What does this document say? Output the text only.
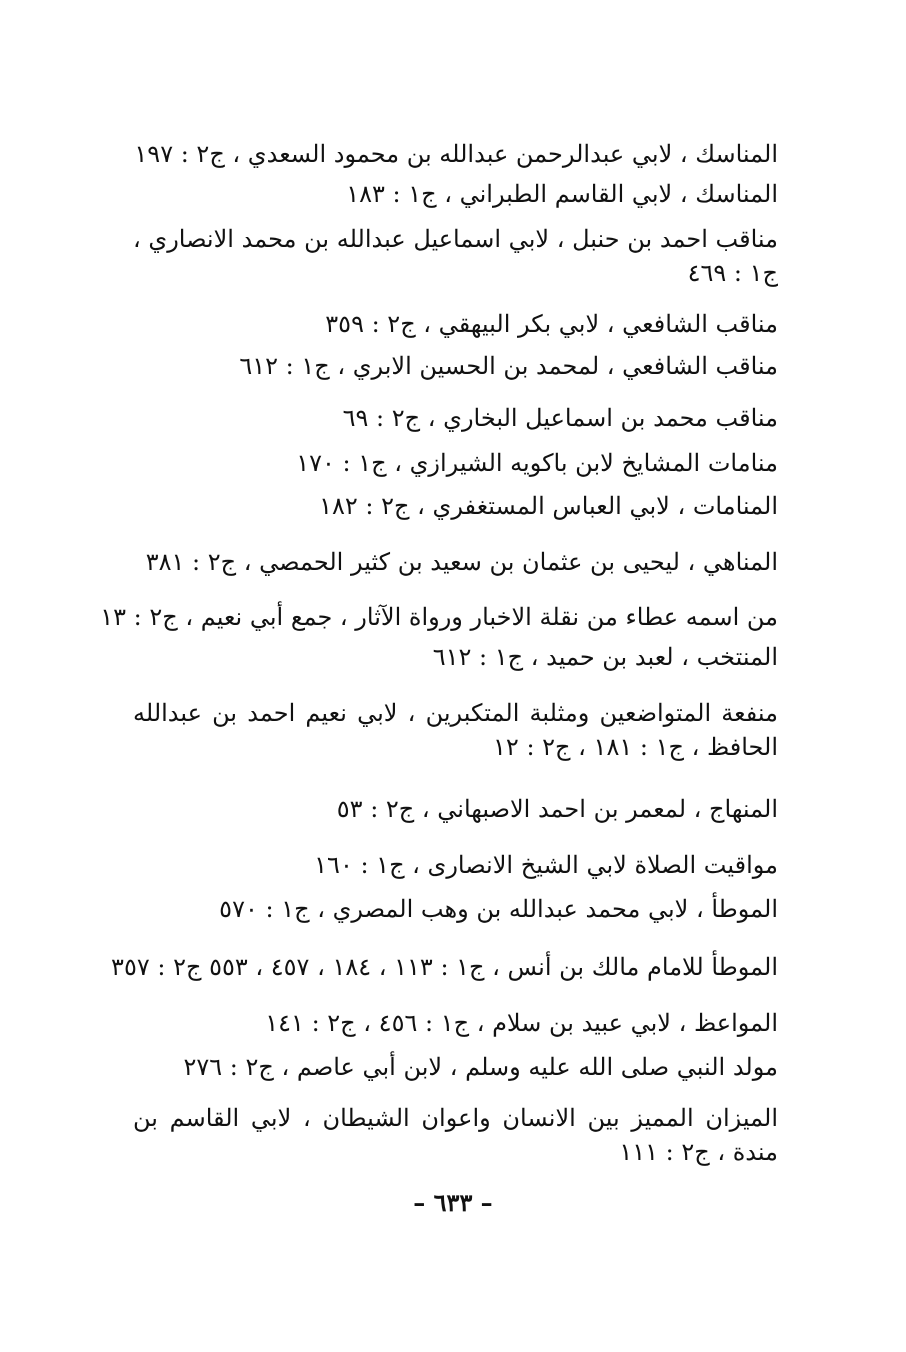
المناسك ، لابي عبدالرحمن عبدالله بن محمود السعدي ، ج٢ : ١٩٧
المناسك ، لابي القاسم الطبراني ، ج١ : ١٨٣
مناقب احمد بن حنبل ، لابي اسماعيل عبدالله بن محمد الانصاري ، ج١ : ٤٦٩
مناقب الشافعي ، لابي بكر البيهقي ، ج٢ : ٣٥٩
مناقب الشافعي ، لمحمد بن الحسين الابري ، ج١ : ٦١٢
مناقب محمد بن اسماعيل البخاري ، ج٢ : ٦٩
منامات المشايخ لابن باكويه الشيرازي ، ج١ : ١٧٠
المنامات ، لابي العباس المستغفري ، ج٢ : ١٨٢
المناهي ، ليحيى بن عثمان بن سعيد بن كثير الحمصي ، ج٢ : ٣٨١
من اسمه عطاء من نقلة الاخبار ورواة الآثار ، جمع أبي نعيم ، ج٢ : ١٣
المنتخب ، لعبد بن حميد ، ج١ : ٦١٢
منفعة المتواضعين ومثلبة المتكبرين ، لابي نعيم احمد بن عبدالله الحافظ ، ج١ : ١٨١ ، ج٢ : ١٢
المنهاج ، لمعمر بن احمد الاصبهاني ، ج٢ : ٥٣
مواقيت الصلاة لابي الشيخ الانصارى ، ج١ : ١٦٠
الموطأ ، لابي محمد عبدالله بن وهب المصري ، ج١ : ٥٧٠
الموطأ للامام مالك بن أنس ، ج١ : ١١٣ ، ١٨٤ ، ٤٥٧ ، ٥٥٣ ج٢ : ٣٥٧
المواعظ ، لابي عبيد بن سلام ، ج١ : ٤٥٦ ، ج٢ : ١٤١
مولد النبي صلى الله عليه وسلم ، لابن أبي عاصم ، ج٢ : ٢٧٦
الميزان المميز بين الانسان واعوان الشيطان ، لابي القاسم بن مندة ، ج٢ : ١١١
– ٦٣٣ –
